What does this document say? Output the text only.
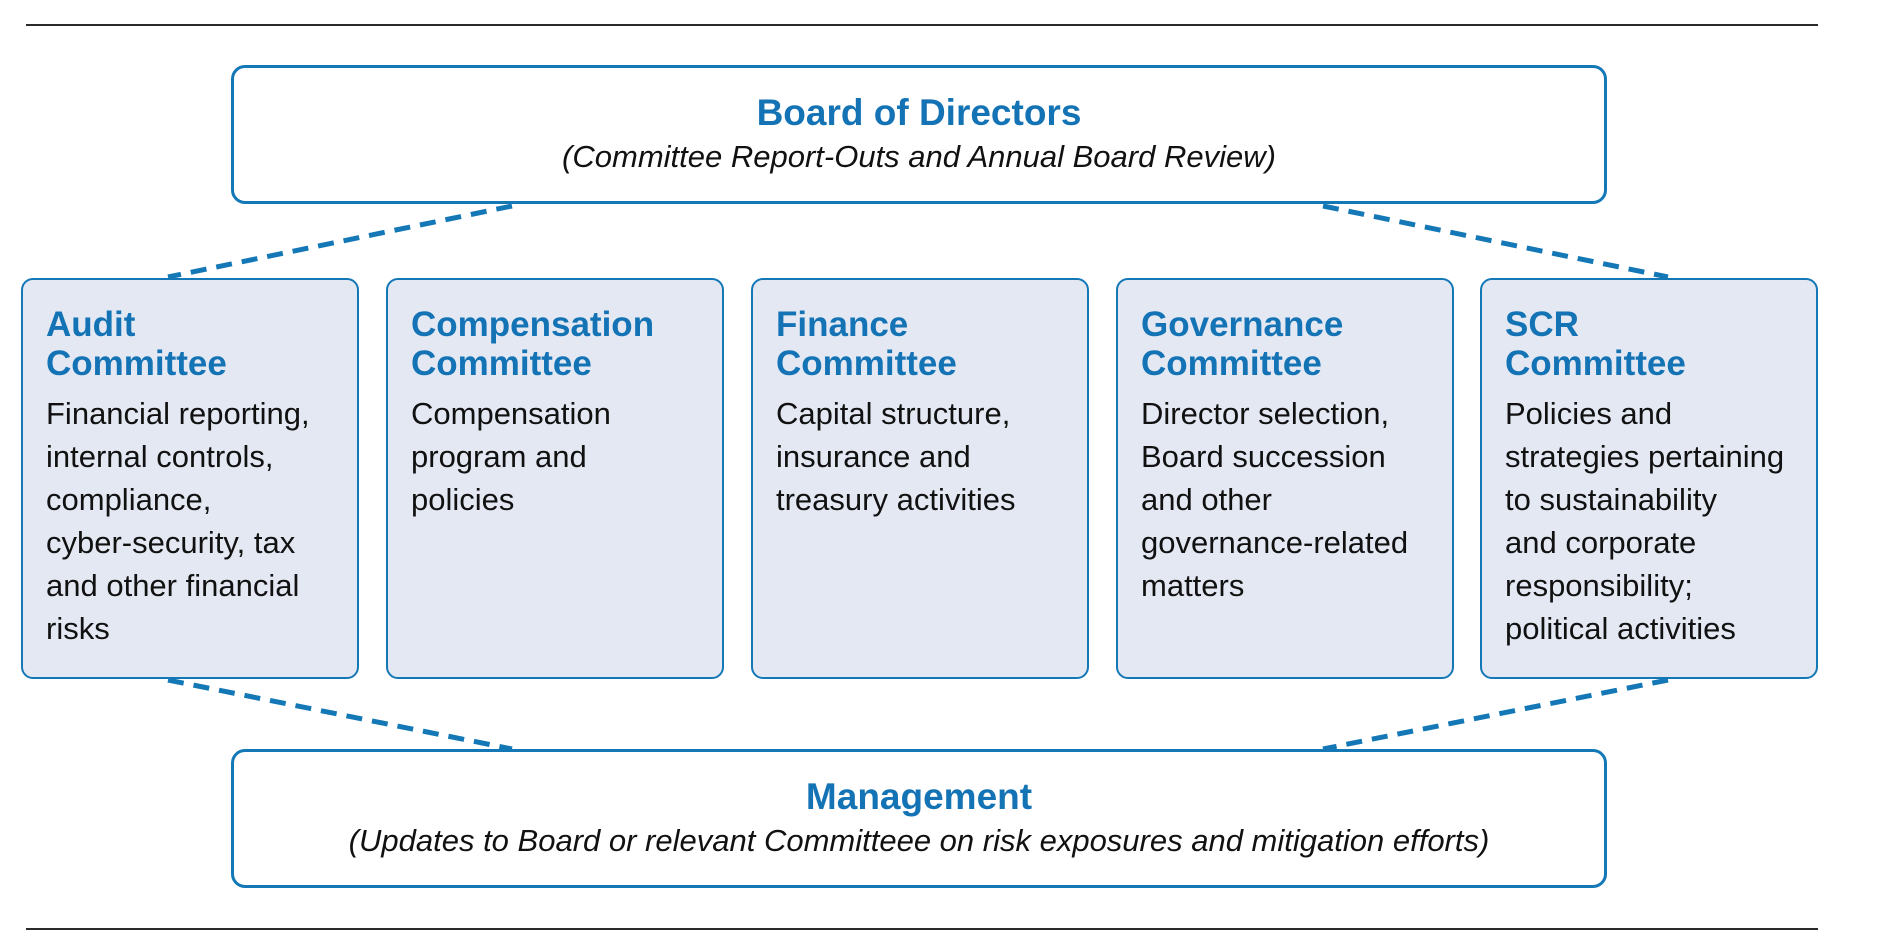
Board of Directors
(Committee Report-Outs and Annual Board Review)
Audit
Committee
Financial reporting,
internal controls,
compliance,
cyber-security, tax
and other financial
risks
Compensation
Committee
Compensation
program and
policies
Finance
Committee
Capital structure,
insurance and
treasury activities
Governance
Committee
Director selection,
Board succession
and other
governance-related
matters
SCR
Committee
Policies and
strategies pertaining
to sustainability
and corporate
responsibility;
political activities
Management
(Updates to Board or relevant Committeee on risk exposures and mitigation efforts)
